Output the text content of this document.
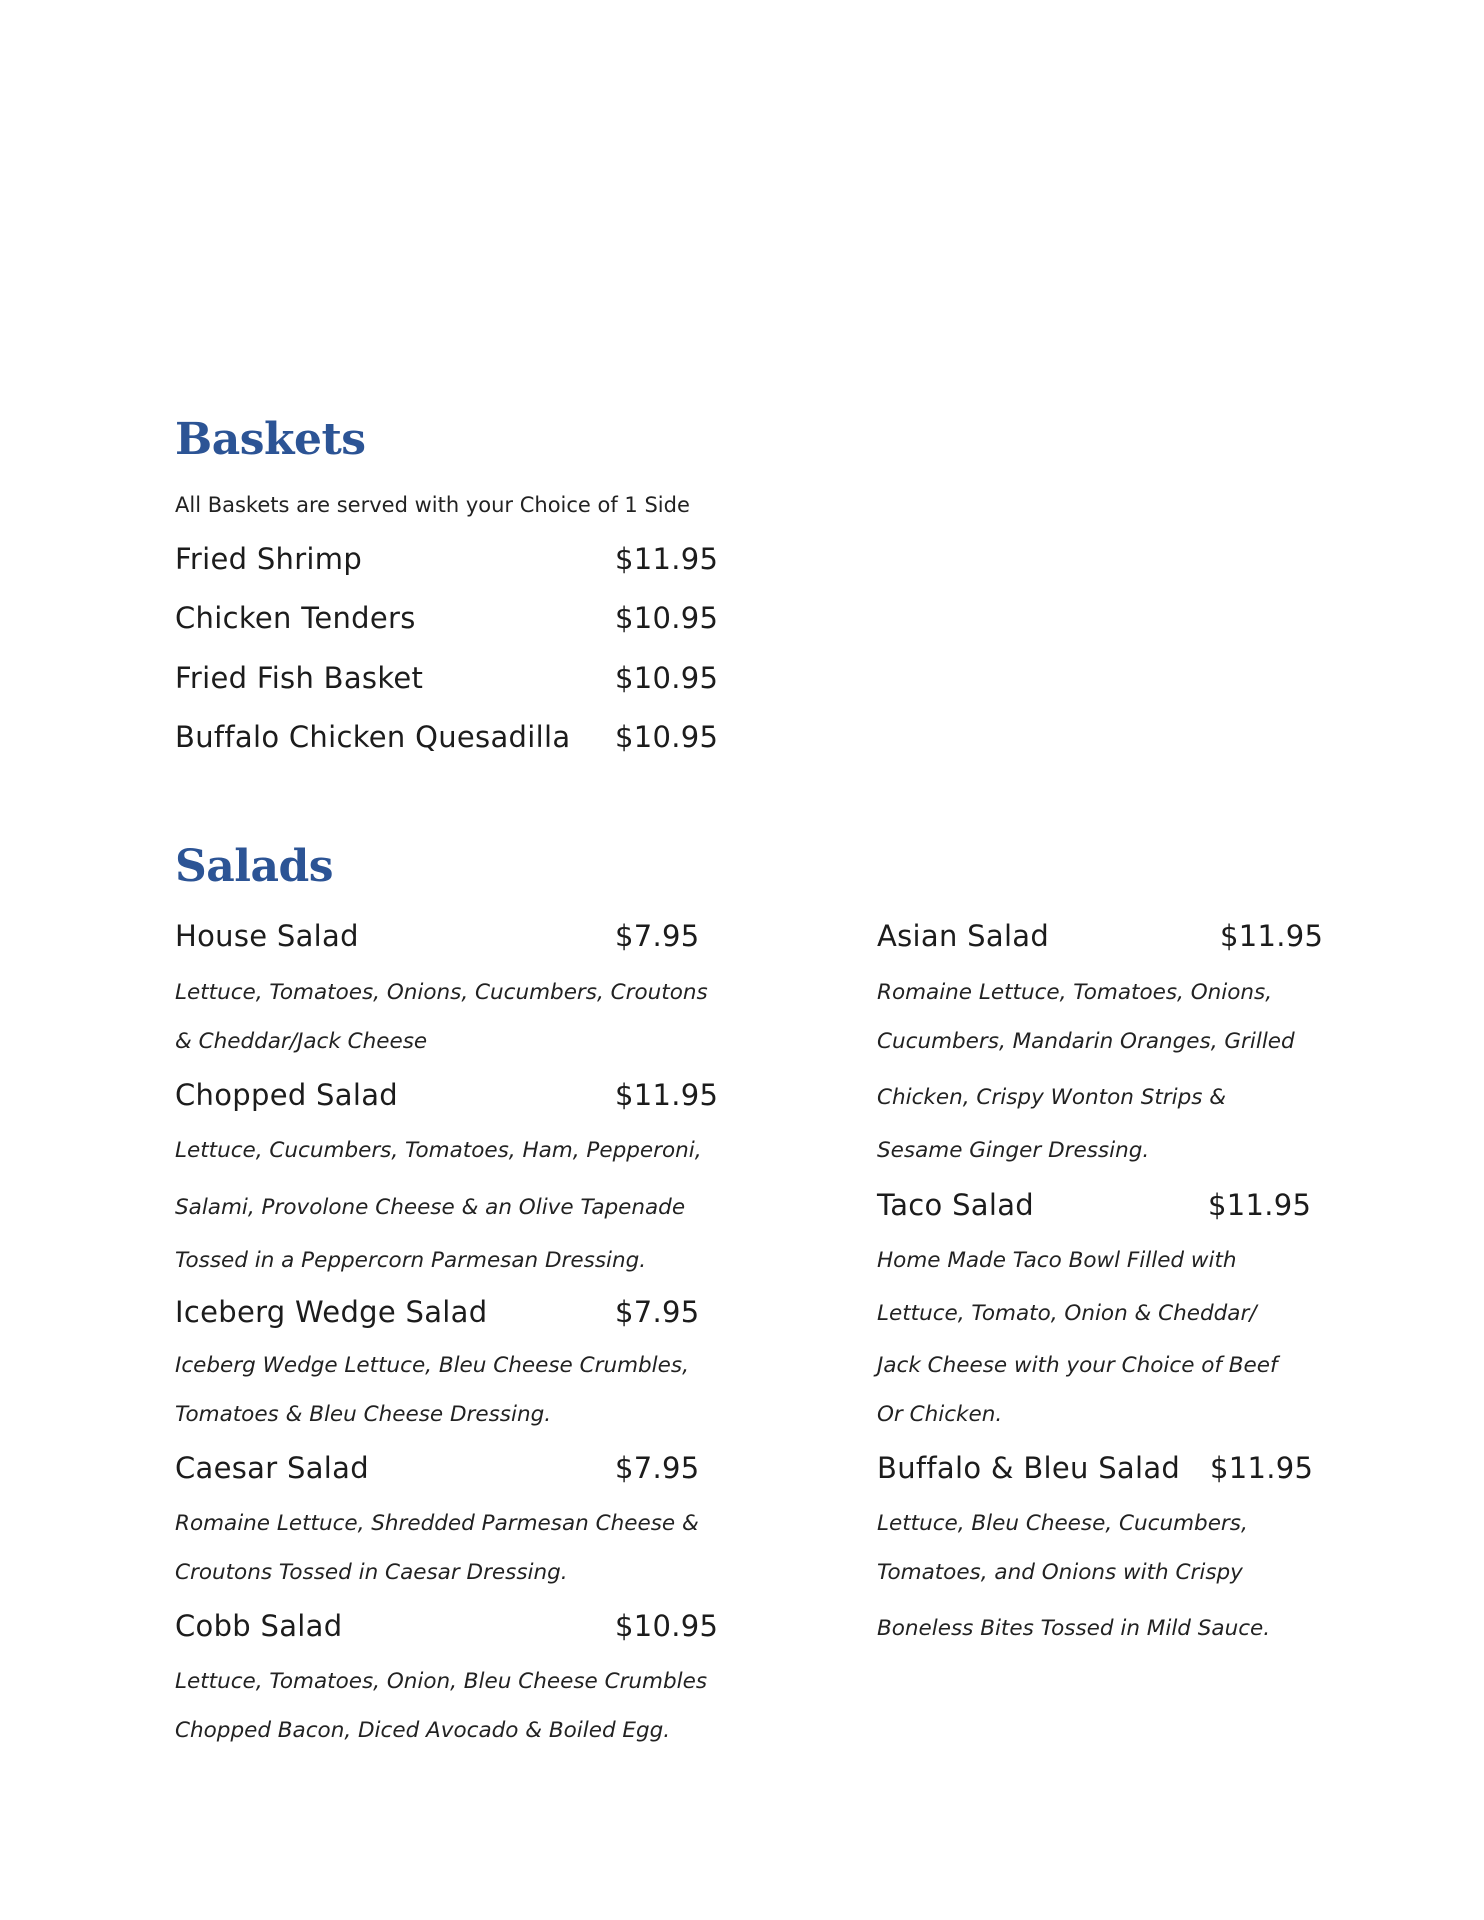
Baskets
All Baskets are served with your Choice of 1 Side
Fried Shrimp	$11.95
Chicken Tenders	$10.95
Fried Fish Basket	$10.95
Buffalo Chicken Quesadilla $10.95
Salads
House Salad	$7.95
Lettuce, Tomatoes, Onions, Cucumbers, Croutons
& Cheddar/Jack Cheese
Chopped Salad	$11.95
Lettuce, Cucumbers, Tomatoes, Ham, Pepperoni,
Salami, Provolone Cheese & an Olive Tapenade
Tossed in a Peppercorn Parmesan Dressing.
Iceberg Wedge Salad	$7.95
Iceberg Wedge Lettuce, Bleu Cheese Crumbles,
Tomatoes & Bleu Cheese Dressing.
Caesar Salad	$7.95
Romaine Lettuce, Shredded Parmesan Cheese &
Croutons Tossed in Caesar Dressing.
Cobb Salad	$10.95
Lettuce, Tomatoes, Onion, Bleu Cheese Crumbles
Chopped Bacon, Diced Avocado & Boiled Egg.
Asian Salad	$11.95
Romaine Lettuce, Tomatoes, Onions,
Cucumbers, Mandarin Oranges, Grilled
Chicken, Crispy Wonton Strips &
Sesame Ginger Dressing.
Taco Salad	$11.95
Home Made Taco Bowl Filled with
Lettuce, Tomato, Onion & Cheddar/
Jack Cheese with your Choice of Beef
Or Chicken.
Buffalo & Bleu Salad $11.95
Lettuce, Bleu Cheese, Cucumbers,
Tomatoes, and Onions with Crispy
Boneless Bites Tossed in Mild Sauce.
